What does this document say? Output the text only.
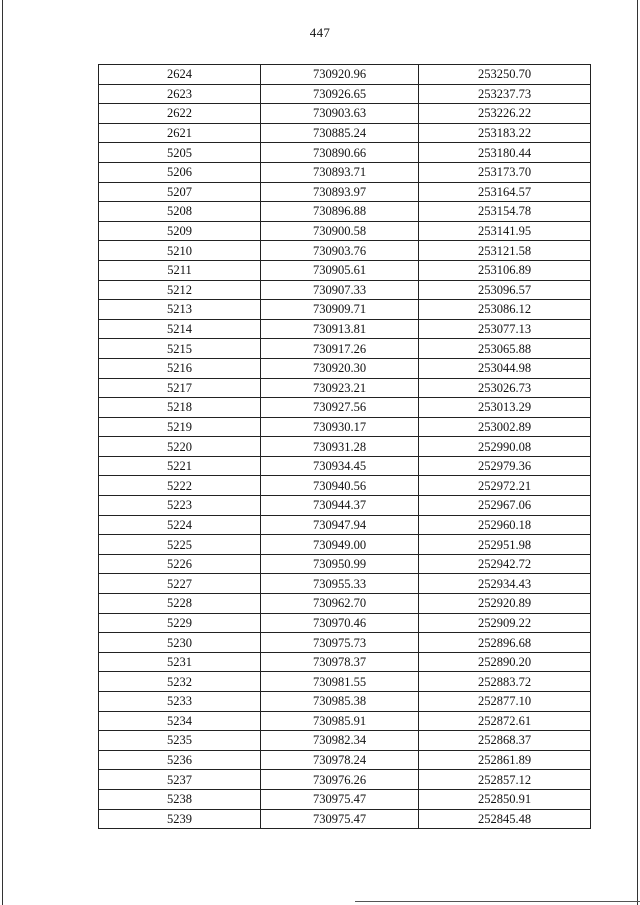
447
2624	730920.96	253250.70
2623	730926.65	253237.73
2622	730903.63	253226.22
2621	730885.24	253183.22
5205	730890.66	253180.44
5206	730893.71	253173.70
5207	730893.97	253164.57
5208	730896.88	253154.78
5209	730900.58	253141.95
5210	730903.76	253121.58
5211	730905.61	253106.89
5212	730907.33	253096.57
5213	730909.71	253086.12
5214	730913.81	253077.13
5215	730917.26	253065.88
5216	730920.30	253044.98
5217	730923.21	253026.73
5218	730927.56	253013.29
5219	730930.17	253002.89
5220	730931.28	252990.08
5221	730934.45	252979.36
5222	730940.56	252972.21
5223	730944.37	252967.06
5224	730947.94	252960.18
5225	730949.00	252951.98
5226	730950.99	252942.72
5227	730955.33	252934.43
5228	730962.70	252920.89
5229	730970.46	252909.22
5230	730975.73	252896.68
5231	730978.37	252890.20
5232	730981.55	252883.72
5233	730985.38	252877.10
5234	730985.91	252872.61
5235	730982.34	252868.37
5236	730978.24	252861.89
5237	730976.26	252857.12
5238	730975.47	252850.91
5239	730975.47	252845.48
